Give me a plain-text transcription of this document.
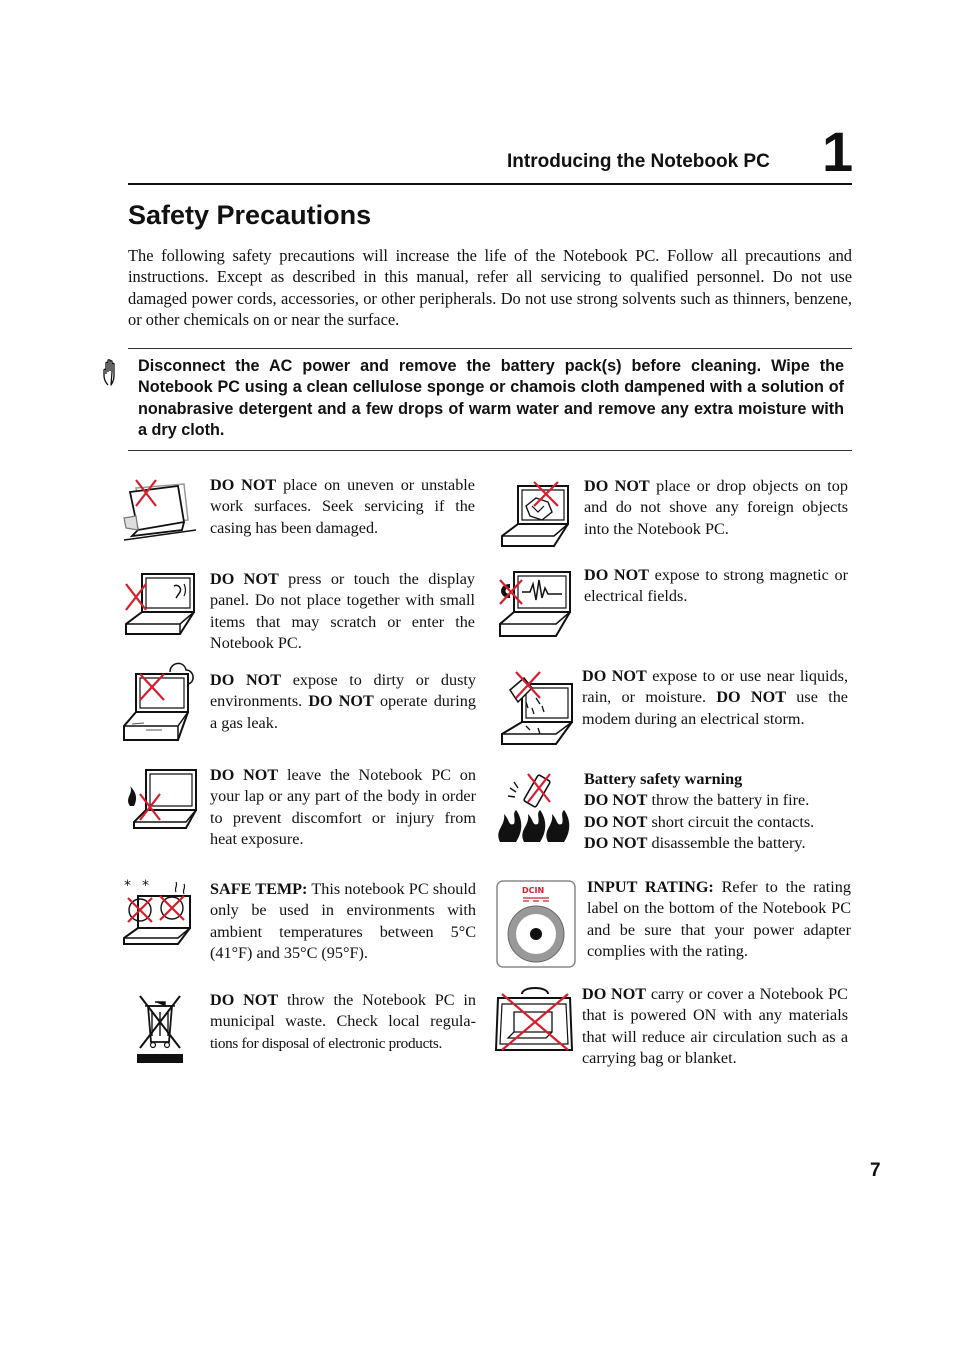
Introducing the Notebook PC 1
Safety Precautions

The following safety precautions will increase the life of the Notebook PC. Follow all precautions and instructions. Except as described in this manual, refer all servicing to qualified personnel. Do not use damaged power cords, accessories, or other peripherals. Do not use strong solvents such as thinners, benzene, or other chemicals on or near the surface.

Disconnect the AC power and remove the battery pack(s) before cleaning. Wipe the Notebook PC using a clean cellulose sponge or chamois cloth dampened with a solution of nonabrasive detergent and a few drops of warm water and remove any extra moisture with a dry cloth.

DO NOT place on uneven or unstable work surfaces. Seek servicing if the casing has been damaged.

DO NOT press or touch the display panel. Do not place together with small items that may scratch or enter the Notebook PC.

DO NOT expose to dirty or dusty environments. DO NOT operate during a gas leak.

DO NOT leave the Notebook PC on your lap or any part of the body in order to prevent discomfort or injury from heat exposure.

* *	SAFE TEMP: This notebook PC should only be used in environments with ambient temperatures between 5°C (41°F) and 35°C (95°F).

DO NOT throw the Notebook PC in
municipal waste. Check local regula-
tions for disposal of electronic products.

DO NOT place or drop objects on top and do not shove any foreign objects into the Notebook PC.

DO NOT expose to strong magnetic or electrical fields.

DO NOT expose to or use near liquids, rain, or moisture. DO NOT use the modem during an electrical storm.

Battery safety warning
DO NOT throw the battery in fire.
DO NOT short circuit the contacts.
DO NOT disassemble the battery.
DCIN	INPUT RATING: Refer to the rating label on the bottom of the Notebook PC and be sure that your power adapter complies with the rating.

DO NOT carry or cover a Notebook PC that is powered ON with any materials that will reduce air circulation such as a carrying bag or blanket.

7
